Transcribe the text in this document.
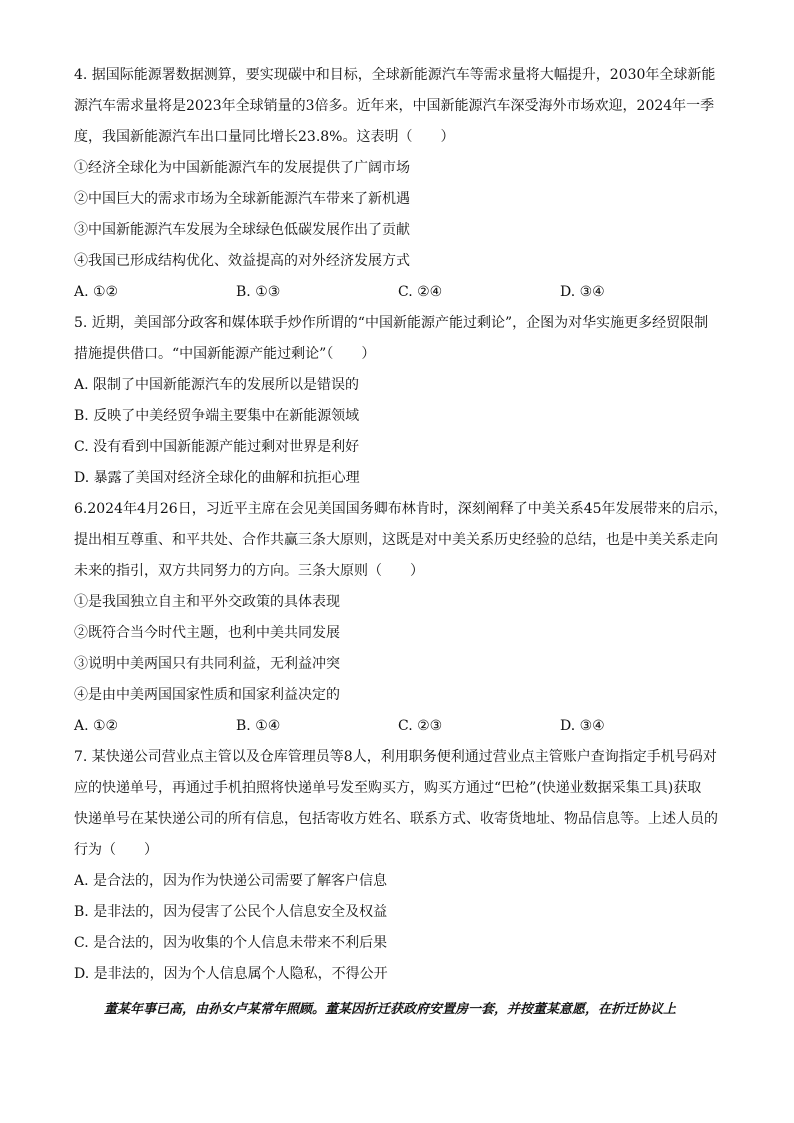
4. 据国际能源署数据测算，要实现碳中和目标，全球新能源汽车等需求量将大幅提升，2030年全球新能
源汽车需求量将是2023年全球销量的3倍多。近年来，中国新能源汽车深受海外市场欢迎，2024年一季
度，我国新能源汽车出口量同比增长23.8%。这表明（　　）
①经济全球化为中国新能源汽车的发展提供了广阔市场
②中国巨大的需求市场为全球新能源汽车带来了新机遇
③中国新能源汽车发展为全球绿色低碳发展作出了贡献
④我国已形成结构优化、效益提高的对外经济发展方式
A. ①②	B. ①③	C. ②④	D. ③④
5. 近期，美国部分政客和媒体联手炒作所谓的“中国新能源产能过剩论”，企图为对华实施更多经贸限制
措施提供借口。“中国新能源产能过剩论”（　　）
A. 限制了中国新能源汽车的发展所以是错误的
B. 反映了中美经贸争端主要集中在新能源领域
C. 没有看到中国新能源产能过剩对世界是利好
D. 暴露了美国对经济全球化的曲解和抗拒心理
6.2024年4月26日，习近平主席在会见美国国务卿布林肯时，深刻阐释了中美关系45年发展带来的启示，
提出相互尊重、和平共处、合作共赢三条大原则，这既是对中美关系历史经验的总结，也是中美关系走向
未来的指引，双方共同努力的方向。三条大原则（　　）
①是我国独立自主和平外交政策的具体表现
②既符合当今时代主题，也利中美共同发展
③说明中美两国只有共同利益，无利益冲突
④是由中美两国国家性质和国家利益决定的
A. ①②	B. ①④	C. ②③	D. ③④
7. 某快递公司营业点主管以及仓库管理员等8人，利用职务便利通过营业点主管账户查询指定手机号码对
应的快递单号，再通过手机拍照将快递单号发至购买方，购买方通过“巴枪”(快递业数据采集工具)获取
快递单号在某快递公司的所有信息，包括寄收方姓名、联系方式、收寄货地址、物品信息等。上述人员的
行为（　　）
A. 是合法的，因为作为快递公司需要了解客户信息
B. 是非法的，因为侵害了公民个人信息安全及权益
C. 是合法的，因为收集的个人信息未带来不利后果
D. 是非法的，因为个人信息属个人隐私，不得公开
董某年事已高，由孙女卢某常年照顾。董某因折迁获政府安置房一套，并按董某意愿，在折迁协议上
